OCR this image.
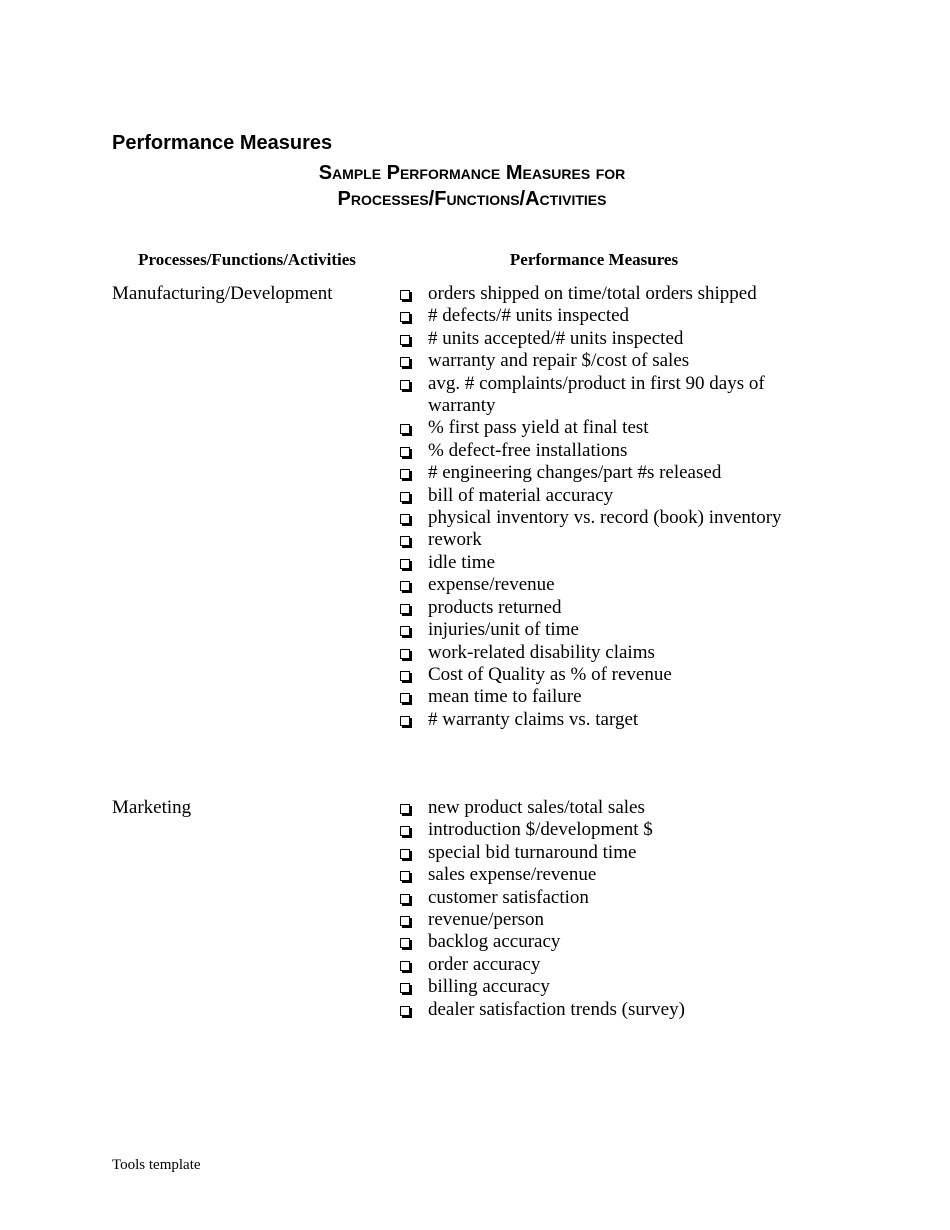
Performance Measures
Sample Performance Measures for
Processes/Functions/Activities
Processes/Functions/Activities	Performance Measures
Manufacturing/Development	orders shipped on time/total orders shipped
# defects/# units inspected
# units accepted/# units inspected
warranty and repair $/cost of sales
avg. # complaints/product in first 90 days of warranty
% first pass yield at final test
% defect-free installations
# engineering changes/part #s released
bill of material accuracy
physical inventory vs. record (book) inventory
rework
idle time
expense/revenue
products returned
injuries/unit of time
work-related disability claims
Cost of Quality as % of revenue
mean time to failure
# warranty claims vs. target
Marketing	new product sales/total sales
introduction $/development $
special bid turnaround time
sales expense/revenue
customer satisfaction
revenue/person
backlog accuracy
order accuracy
billing accuracy
dealer satisfaction trends (survey)
Tools template
